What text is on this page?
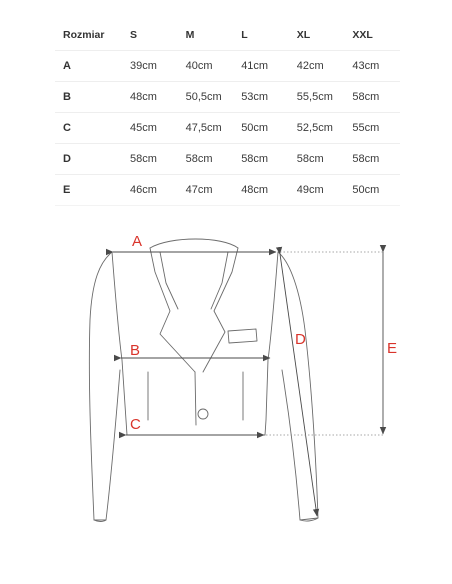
Rozmiar	S	M	L	XL	XXL
A	39cm	40cm	41cm	42cm	43cm
B	48cm	50,5cm	53cm	55,5cm	58cm
C	45cm	47,5cm	50cm	52,5cm	55cm
D	58cm	58cm	58cm	58cm	58cm
E	46cm	47cm	48cm	49cm	50cm
A
B
C
D
E
